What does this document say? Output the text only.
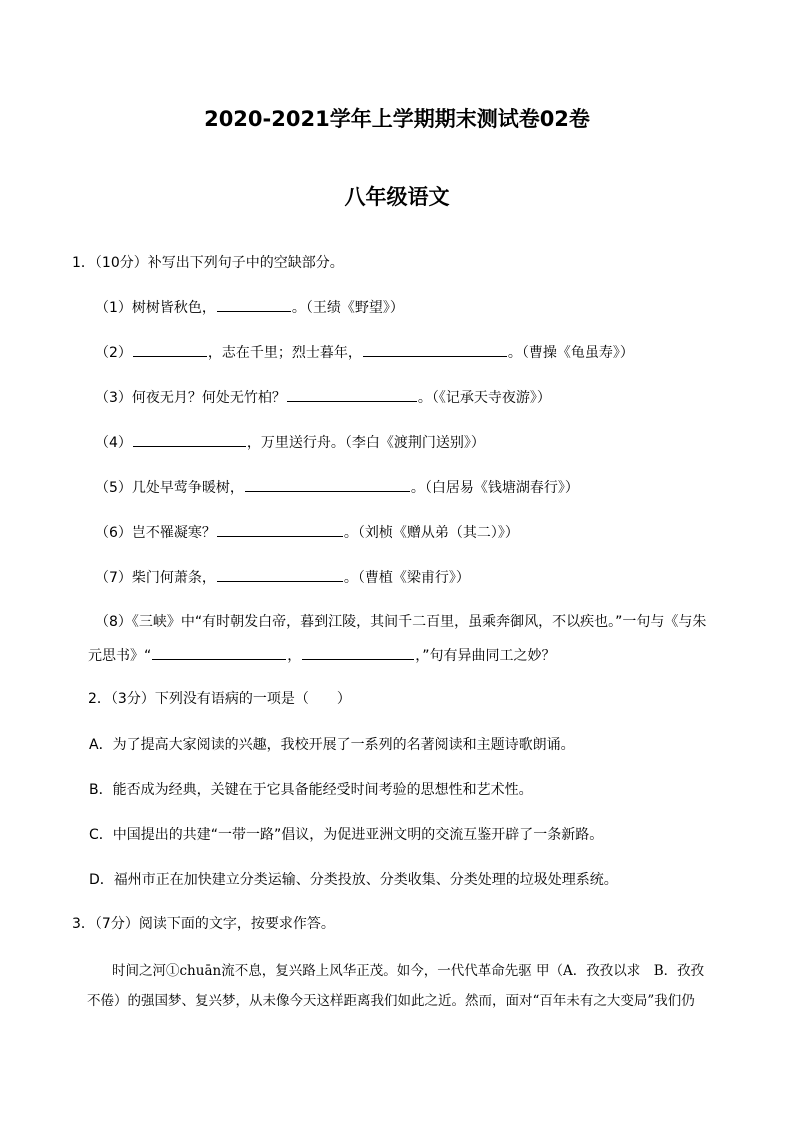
2020-2021学年上学期期末测试卷02卷
八年级语文
1．（10分）补写出下列句子中的空缺部分。
（1）树树皆秋色，	。（王绩《野望》）
（2）	，志在千里；烈士暮年，	。（曹操《龟虽寿》）
（3）何夜无月？何处无竹柏？	。（《记承天寺夜游》）
（4）	，万里送行舟。（李白《渡荆门送别》）
（5）几处早莺争暖树，	。（白居易《钱塘湖春行》）
（6）岂不罹凝寒？	。（刘桢《赠从弟（其二）》）
（7）柴门何萧条，	。（曹植《梁甫行》）
（8）《三峡》中“有时朝发白帝，暮到江陵，其间千二百里，虽乘奔御风，不以疾也。”一句与《与朱
元思书》“	，	，”句有异曲同工之妙？
2．（3分）下列没有语病的一项是（　　）
A．为了提高大家阅读的兴趣，我校开展了一系列的名著阅读和主题诗歌朗诵。
B．能否成为经典，关键在于它具备能经受时间考验的思想性和艺术性。
C．中国提出的共建“一带一路”倡议，为促进亚洲文明的交流互鉴开辟了一条新路。
D．福州市正在加快建立分类运输、分类投放、分类收集、分类处理的垃圾处理系统。
3．（7分）阅读下面的文字，按要求作答。
时间之河①chuān流不息，复兴路上风华正茂。如今，一代代革命先驱 甲（A．孜孜以求　B．孜孜
不倦）的强国梦、复兴梦，从未像今天这样距离我们如此之近。然而，面对“百年未有之大变局”我们仍
